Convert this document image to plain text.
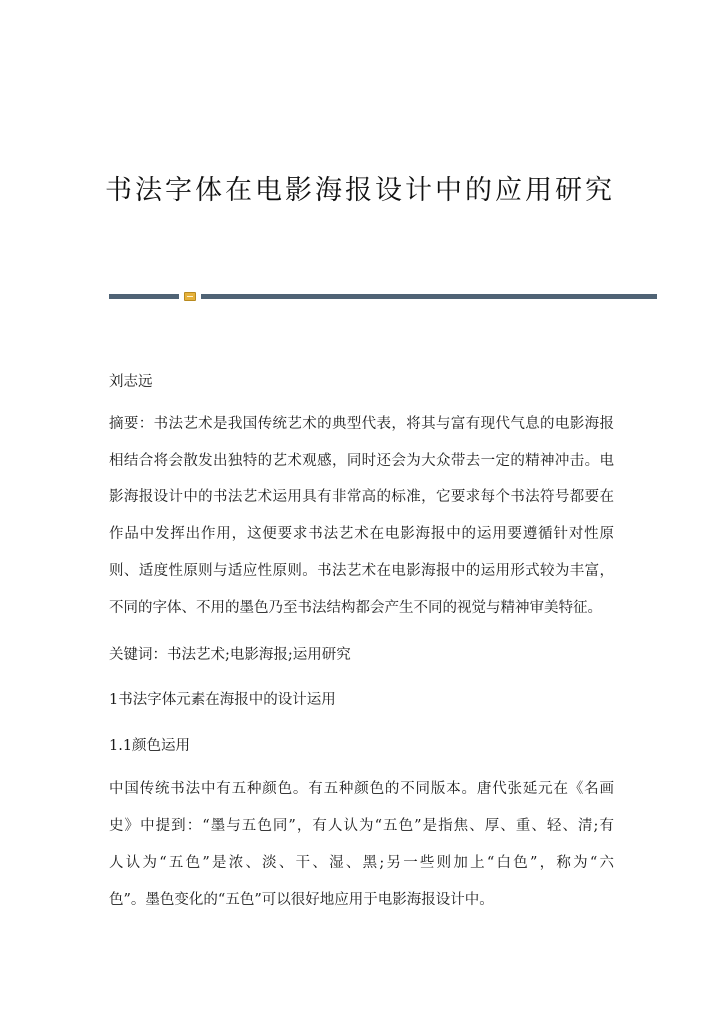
书法字体在电影海报设计中的应用研究
刘志远
摘要：书法艺术是我国传统艺术的典型代表，将其与富有现代气息的电影海报
相结合将会散发出独特的艺术观感，同时还会为大众带去一定的精神冲击。电
影海报设计中的书法艺术运用具有非常高的标准，它要求每个书法符号都要在
作品中发挥出作用，这便要求书法艺术在电影海报中的运用要遵循针对性原
则、适度性原则与适应性原则。书法艺术在电影海报中的运用形式较为丰富，
不同的字体、不用的墨色乃至书法结构都会产生不同的视觉与精神审美特征。
关键词：书法艺术;电影海报;运用研究
1书法字体元素在海报中的设计运用
1.1颜色运用
中国传统书法中有五种颜色。有五种颜色的不同版本。唐代张延元在《名画
史》中提到：“墨与五色同”，有人认为“五色”是指焦、厚、重、轻、清;有
人认为“五色”是浓、淡、干、湿、黑;另一些则加上“白色”，称为“六
色”。墨色变化的“五色”可以很好地应用于电影海报设计中。
